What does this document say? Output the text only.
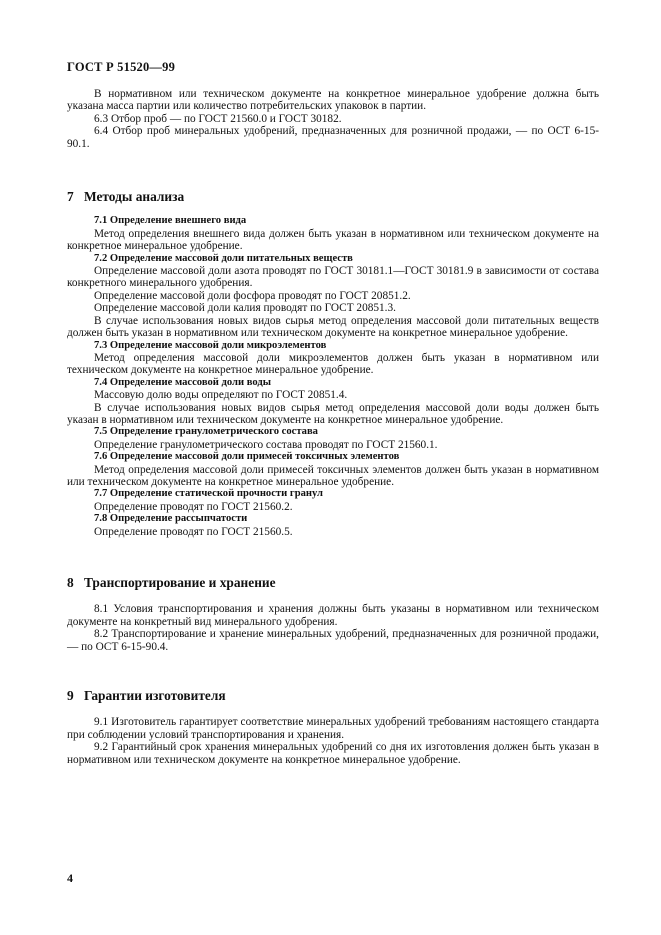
ГОСТ Р 51520—99

В нормативном или техническом документе на конкретное минеральное удобрение должна быть указана масса партии или количество потребительских упаковок в партии.

6.3 Отбор проб — по ГОСТ 21560.0 и ГОСТ 30182.

6.4 Отбор проб минеральных удобрений, предназначенных для розничной продажи, — по ОСТ 6-15-90.1.

7 Методы анализа

7.1 Определение внешнего вида

Метод определения внешнего вида должен быть указан в нормативном или техническом документе на конкретное минеральное удобрение.

7.2 Определение массовой доли питательных веществ

Определение массовой доли азота проводят по ГОСТ 30181.1—ГОСТ 30181.9 в зависимости от состава конкретного минерального удобрения.

Определение массовой доли фосфора проводят по ГОСТ 20851.2.

Определение массовой доли калия проводят по ГОСТ 20851.3.

В случае использования новых видов сырья метод определения массовой доли питательных веществ должен быть указан в нормативном или техническом документе на конкретное минеральное удобрение.

7.3 Определение массовой доли микроэлементов

Метод определения массовой доли микроэлементов должен быть указан в нормативном или техническом документе на конкретное минеральное удобрение.

7.4 Определение массовой доли воды

Массовую долю воды определяют по ГОСТ 20851.4.

В случае использования новых видов сырья метод определения массовой доли воды должен быть указан в нормативном или техническом документе на конкретное минеральное удобрение.

7.5 Определение гранулометрического состава

Определение гранулометрического состава проводят по ГОСТ 21560.1.

7.6 Определение массовой доли примесей токсичных элементов

Метод определения массовой доли примесей токсичных элементов должен быть указан в нормативном или техническом документе на конкретное минеральное удобрение.

7.7 Определение статической прочности гранул

Определение проводят по ГОСТ 21560.2.

7.8 Определение рассыпчатости

Определение проводят по ГОСТ 21560.5.

8 Транспортирование и хранение

8.1 Условия транспортирования и хранения должны быть указаны в нормативном или техническом документе на конкретный вид минерального удобрения.

8.2 Транспортирование и хранение минеральных удобрений, предназначенных для розничной продажи, — по ОСТ 6-15-90.4.

9 Гарантии изготовителя

9.1 Изготовитель гарантирует соответствие минеральных удобрений требованиям настоящего стандарта при соблюдении условий транспортирования и хранения.

9.2 Гарантийный срок хранения минеральных удобрений со дня их изготовления должен быть указан в нормативном или техническом документе на конкретное минеральное удобрение.

4
